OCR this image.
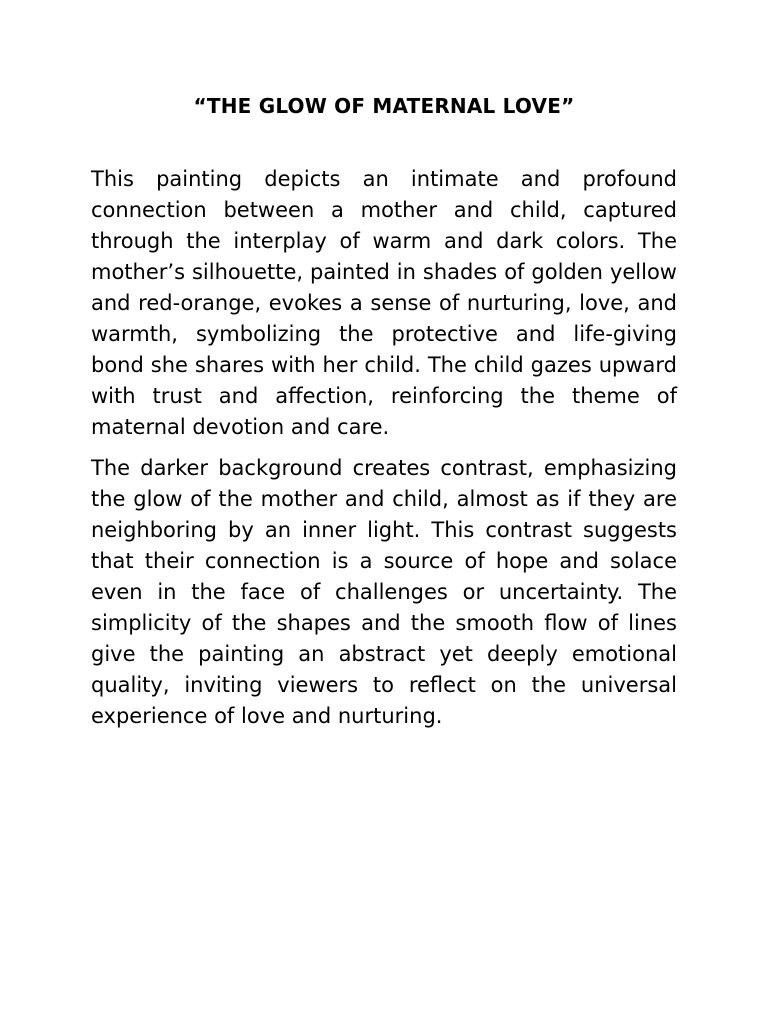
“THE GLOW OF MATERNAL LOVE”

This painting depicts an intimate and profound connection between a mother and child, captured through the interplay of warm and dark colors. The mother’s silhouette, painted in shades of golden yellow and red-orange, evokes a sense of nurturing, love, and warmth, symbolizing the protective and life-giving bond she shares with her child. The child gazes upward with trust and affection, reinforcing the theme of maternal devotion and care.

The darker background creates contrast, emphasizing the glow of the mother and child, almost as if they are neighboring by an inner light. This contrast suggests that their connection is a source of hope and solace even in the face of challenges or uncertainty. The simplicity of the shapes and the smooth flow of lines give the painting an abstract yet deeply emotional quality, inviting viewers to reflect on the universal experience of love and nurturing.
